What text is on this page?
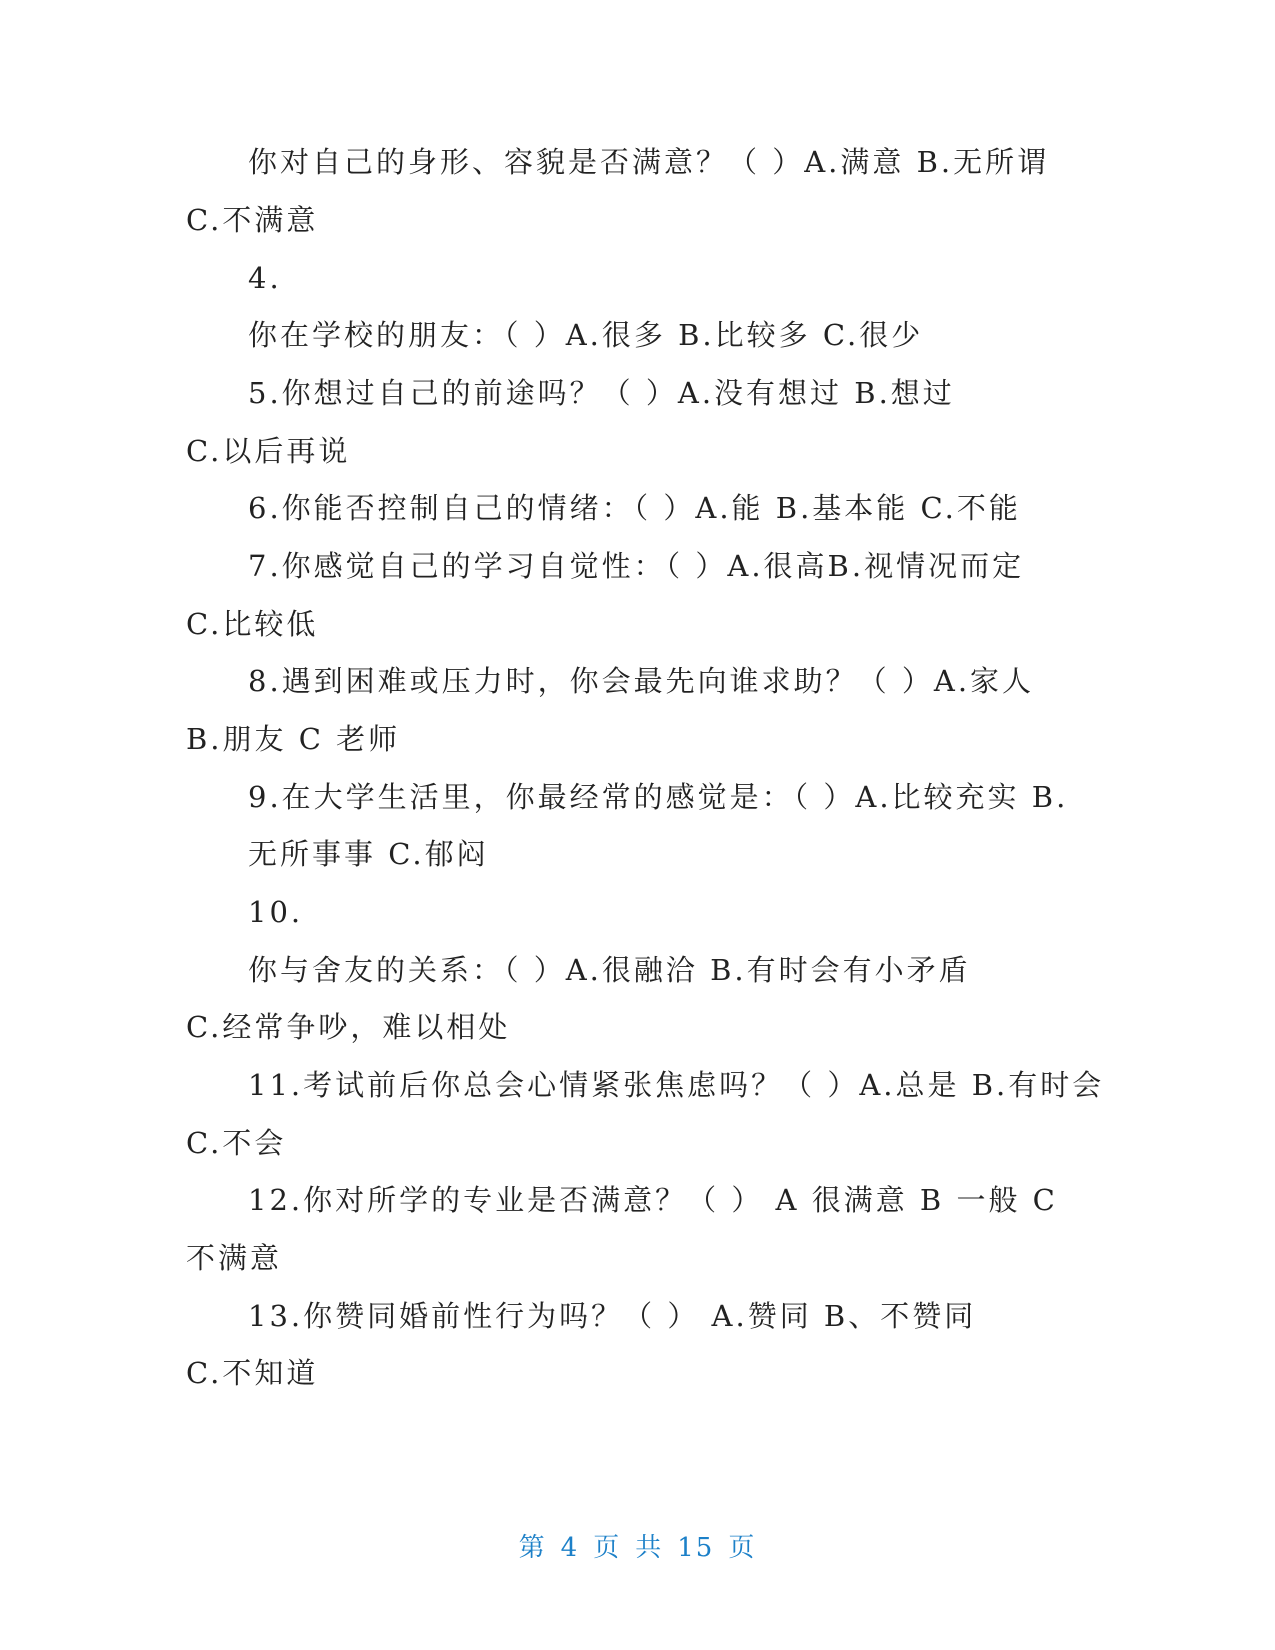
你对自己的身形、容貌是否满意？（ ）A.满意 B.无所谓
C.不满意
4.
你在学校的朋友：（ ）A.很多 B.比较多 C.很少
5.你想过自己的前途吗？（ ）A.没有想过 B.想过
C.以后再说
6.你能否控制自己的情绪：（ ）A.能 B.基本能 C.不能
7.你感觉自己的学习自觉性：（ ）A.很高B.视情况而定
C.比较低
8.遇到困难或压力时，你会最先向谁求助？（ ）A.家人
B.朋友 C 老师
9.在大学生活里，你最经常的感觉是：（ ）A.比较充实 B.
无所事事 C.郁闷
10.
你与舍友的关系：（ ）A.很融洽 B.有时会有小矛盾
C.经常争吵，难以相处
11.考试前后你总会心情紧张焦虑吗？（ ）A.总是 B.有时会
C.不会
12.你对所学的专业是否满意？（ ） A 很满意 B 一般 C
不满意
13.你赞同婚前性行为吗？（ ） A.赞同 B、不赞同
C.不知道
第 4 页 共 15 页
